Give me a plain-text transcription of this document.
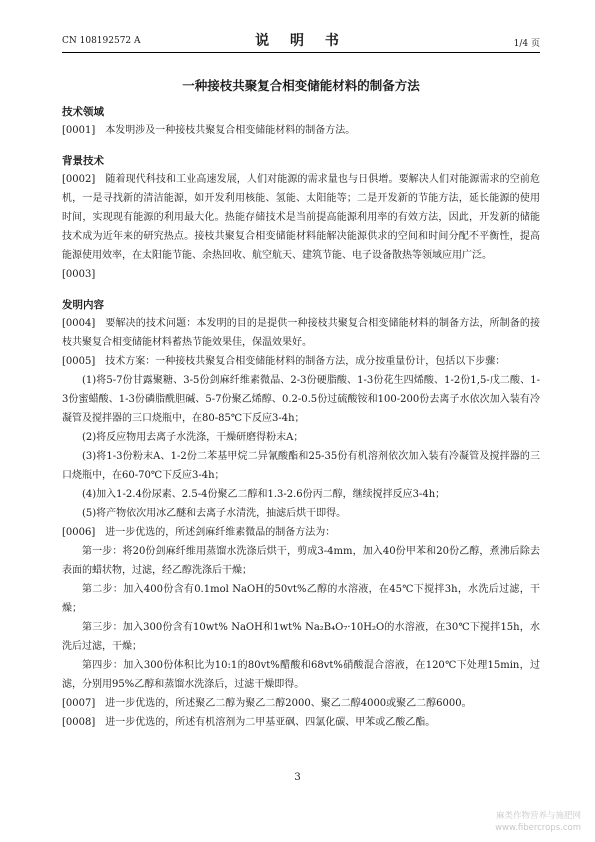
CN 108192572 A	说 明 书	1/4 页
一种接枝共聚复合相变储能材料的制备方法
技术领域

[0001] 本发明涉及一种接枝共聚复合相变储能材料的制备方法。

背景技术

[0002] 随着现代科技和工业高速发展，人们对能源的需求量也与日俱增。要解决人们对能源需求的空前危机，一是寻找新的清洁能源，如开发利用核能、氢能、太阳能等；二是开发新的节能方法，延长能源的使用时间，实现现有能源的利用最大化。热能存储技术是当前提高能源利用率的有效方法，因此，开发新的储能技术成为近年来的研究热点。接枝共聚复合相变储能材料能解决能源供求的空间和时间分配不平衡性，提高能源使用效率，在太阳能节能、余热回收、航空航天、建筑节能、电子设备散热等领域应用广泛。

[0003]

发明内容

[0004] 要解决的技术问题：本发明的目的是提供一种接枝共聚复合相变储能材料的制备方法，所制备的接枝共聚复合相变储能材料蓄热节能效果佳，保温效果好。

[0005] 技术方案：一种接枝共聚复合相变储能材料的制备方法，成分按重量份计，包括以下步骤：

(1)将5-7份甘露聚糖、3-5份剑麻纤维素微晶、2-3份硬脂酸、1-3份花生四烯酸、1-2份1,5-戊二酸、1-3份蜜蜡酸、1-3份磷脂酰胆碱、5-7份聚乙烯醇、0.2-0.5份过硫酸铵和100-200份去离子水依次加入装有冷凝管及搅拌器的三口烧瓶中，在80-85℃下反应3-4h；

(2)将反应物用去离子水洗涤，干燥研磨得粉末A；

(3)将1-3份粉末A、1-2份二苯基甲烷二异氰酸酯和25-35份有机溶剂依次加入装有冷凝管及搅拌器的三口烧瓶中，在60-70℃下反应3-4h；

(4)加入1-2.4份尿素、2.5-4份聚乙二醇和1.3-2.6份丙二醇，继续搅拌反应3-4h；

(5)将产物依次用冰乙醚和去离子水清洗，抽滤后烘干即得。

[0006] 进一步优选的，所述剑麻纤维素微晶的制备方法为：

第一步：将20份剑麻纤维用蒸馏水洗涤后烘干，剪成3-4mm，加入40份甲苯和20份乙醇，煮沸后除去表面的蜡状物，过滤，经乙醇洗涤后干燥；

第二步：加入400份含有0.1mol NaOH的50vt%乙醇的水溶液，在45℃下搅拌3h，水洗后过滤，干燥；

第三步：加入300份含有10wt% NaOH和1wt% Na₂B₄O₇·10H₂O的水溶液，在30℃下搅拌15h，水洗后过滤，干燥；

第四步：加入300份体积比为10:1的80vt%醋酸和68vt%硝酸混合溶液，在120℃下处理15min，过滤，分别用95%乙醇和蒸馏水洗涤后，过滤干燥即得。

[0007] 进一步优选的，所述聚乙二醇为聚乙二醇2000、聚乙二醇4000或聚乙二醇6000。

[0008] 进一步优选的，所述有机溶剂为二甲基亚砜、四氯化碳、甲苯或乙酸乙酯。

3
麻类作物营养与施肥网
www.fibercrops.com
